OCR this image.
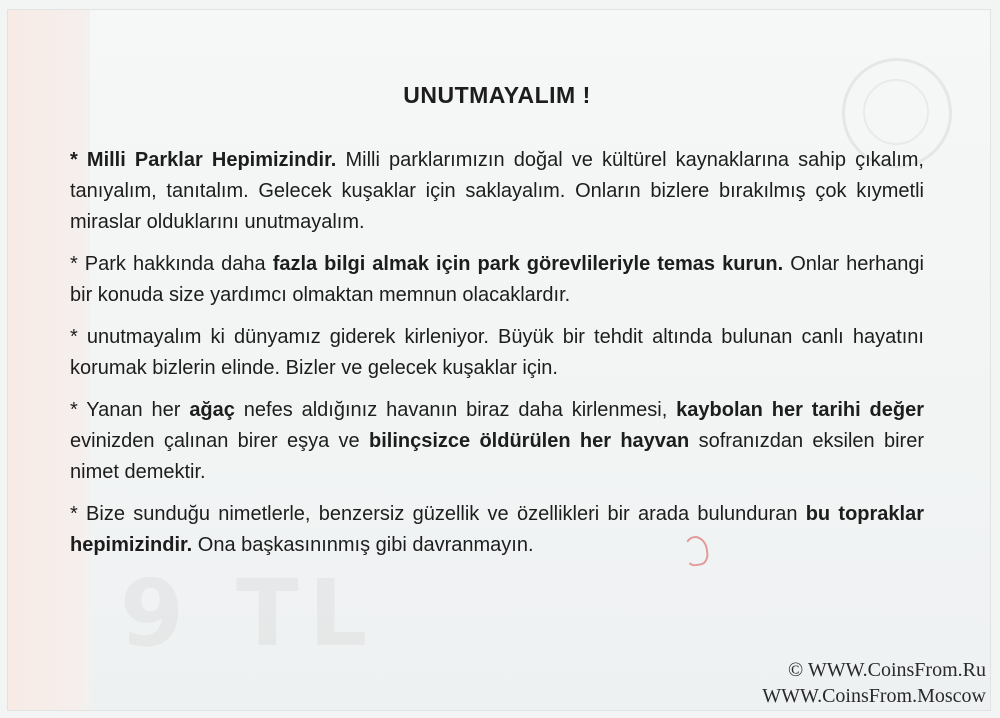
9 TL
UNUTMAYALIM !

* Milli Parklar Hepimizindir. Milli parklarımızın doğal ve kültürel kaynaklarına sahip çıkalım, tanıyalım, tanıtalım. Gelecek kuşaklar için saklayalım. Onların bizlere bırakılmış çok kıymetli miraslar olduklarını unutmayalım.

* Park hakkında daha fazla bilgi almak için park görevlileriyle temas kurun. Onlar herhangi bir konuda size yardımcı olmaktan memnun olacaklardır.

* unutmayalım ki dünyamız giderek kirleniyor. Büyük bir tehdit altında bulunan canlı hayatını korumak bizlerin elinde. Bizler ve gelecek kuşaklar için.

* Yanan her ağaç nefes aldığınız havanın biraz daha kirlenmesi, kaybolan her tarihi değer evinizden çalınan birer eşya ve bilinçsizce öldürülen her hayvan sofranızdan eksilen birer nimet demektir.

* Bize sunduğu nimetlerle, benzersiz güzellik ve özellikleri bir arada bulunduran bu topraklar hepimizindir. Ona başkasınınmış gibi davranmayın.

© WWW.CoinsFrom.Ru
WWW.CoinsFrom.Moscow
